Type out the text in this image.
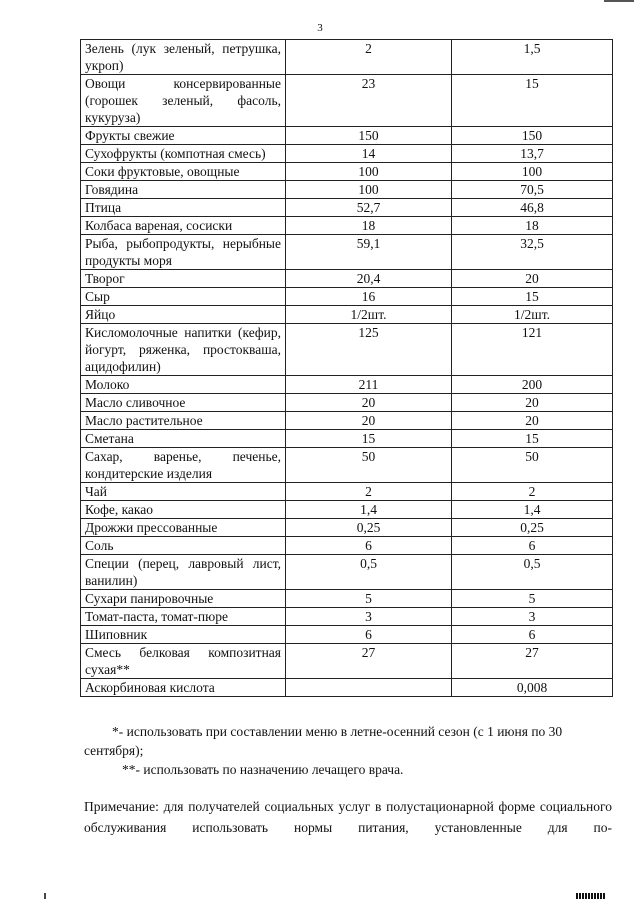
3
Зелень (лук зеленый, петрушка, укроп)	2	1,5
Овощи консервированные (горошек зеленый, фасоль, кукуруза)	23	15
Фрукты свежие	150	150
Сухофрукты (компотная смесь)	14	13,7
Соки фруктовые, овощные	100	100
Говядина	100	70,5
Птица	52,7	46,8
Колбаса вареная, сосиски	18	18
Рыба, рыбопродукты, нерыбные продукты моря	59,1	32,5
Творог	20,4	20
Сыр	16	15
Яйцо	1/2шт.	1/2шт.
Кисломолочные напитки (кефир, йогурт, ряженка, простокваша, ацидофилин)	125	121
Молоко	211	200
Масло сливочное	20	20
Масло растительное	20	20
Сметана	15	15
Сахар, варенье, печенье, кондитерские изделия	50	50
Чай	2	2
Кофе, какао	1,4	1,4
Дрожжи прессованные	0,25	0,25
Соль	6	6
Специи (перец, лавровый лист, ванилин)	0,5	0,5
Сухари панировочные	5	5
Томат-паста, томат-пюре	3	3
Шиповник	6	6
Смесь белковая композитная сухая**	27	27
Аскорбиновая кислота		0,008
*- использовать при составлении меню в летне-осенний сезон (с 1 июня по 30 сентября);
**- использовать по назначению лечащего врача.
Примечание: для получателей социальных услуг в полустационарной форме социального обслуживания использовать нормы питания, установленные для по-
